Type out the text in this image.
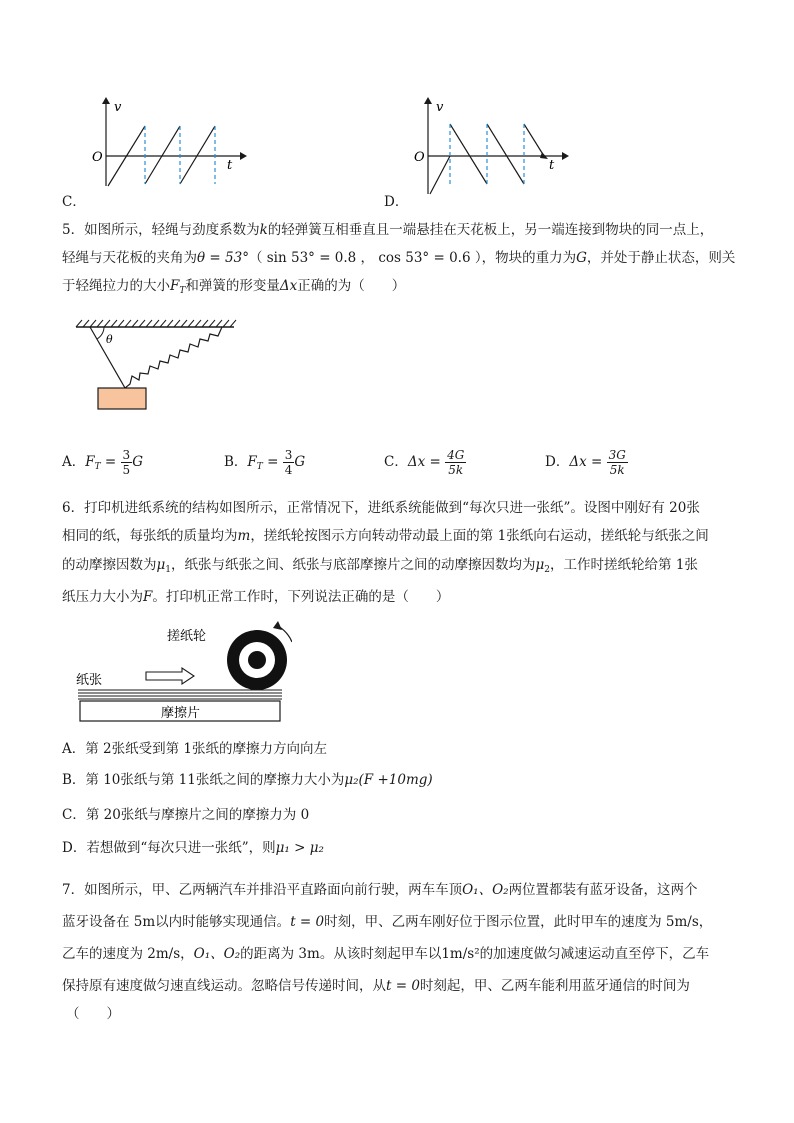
v
t
O
C．
v
t
O
D．
5．如图所示，轻绳与劲度系数为k的轻弹簧互相垂直且一端悬挂在天花板上，另一端连接到物块的同一点上，
轻绳与天花板的夹角为θ = 53°（ sin 53° = 0.8 ， cos 53° = 0.6 ），物块的重力为G，并处于静止状态，则关
于轻绳拉力的大小$F_T$和弹簧的形变量Δx正确的为（　　）
θ
A．$F_T = \frac{3}{5}$ G	B．$F_T = \frac{3}{4}$ G	C．$\Delta x = \frac{4G}{5k}$	D．$\Delta x = \frac{3G}{5k}$
6．打印机进纸系统的结构如图所示，正常情况下，进纸系统能做到“每次只进一张纸”。设图中刚好有 20张
相同的纸，每张纸的质量均为m，搓纸轮按图示方向转动带动最上面的第 1张纸向右运动，搓纸轮与纸张之间
的动摩擦因数为$\mu_1$，纸张与纸张之间、纸张与底部摩擦片之间的动摩擦因数均为$\mu_2$，工作时搓纸轮给第 1张
纸压力大小为F。打印机正常工作时，下列说法正确的是（　　）
搓纸轮
纸张
摩擦片
A．第 2张纸受到第 1张纸的摩擦力方向向左
B．第 10张纸与第 11张纸之间的摩擦力大小为μ₂(F +10mg)
C．第 20张纸与摩擦片之间的摩擦力为 0
D．若想做到“每次只进一张纸”，则μ₁ > μ₂
7．如图所示，甲、乙两辆汽车并排沿平直路面向前行驶，两车车顶O₁、O₂两位置都装有蓝牙设备，这两个
蓝牙设备在 5m以内时能够实现通信。t = 0时刻，甲、乙两车刚好位于图示位置，此时甲车的速度为 5m/s，
乙车的速度为 2m/s，O₁、O₂的距离为 3m。从该时刻起甲车以1m/s²的加速度做匀减速运动直至停下，乙车
保持原有速度做匀速直线运动。忽略信号传递时间，从t = 0时刻起，甲、乙两车能利用蓝牙通信的时间为
（　　）
